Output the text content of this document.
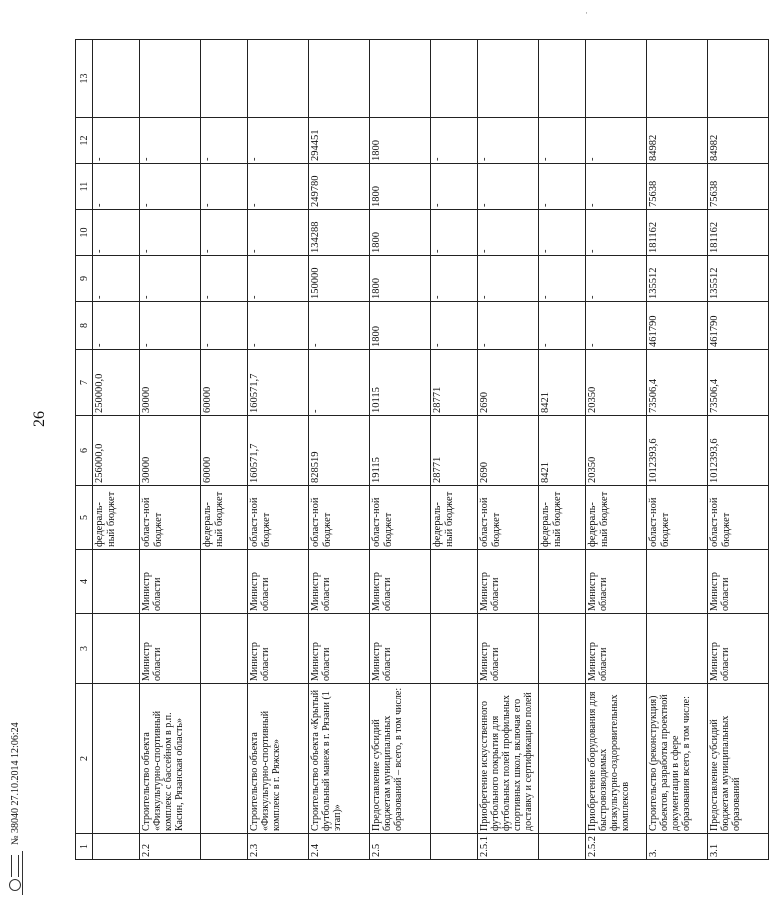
·
26
1	2	3	4	5	6	7	8	9	10	11	12	13
				федераль-ный бюджет	256000,0	250000,0	-	-	-	-	-	
2.2	Строительство объекта «Физкультурно-спортивный комплекс с бассейном в р.п. Касин, Рязанская область»	Министр области	Министр области	област-ной бюджет	30000	30000	-	-	-	-	-	
				федераль-ный бюджет	60000	60000	-	-	-	-	-	
2.3	Строительство объекта «Физкультурно-спортивный комплекс в г. Ряжске»	Министр области	Министр области	област-ной бюджет	160571,7	160571,7	-	-	-	-	-	
2.4	Строительство объекта «Крытый футбольный манеж в г. Рязани (1 этап)»	Министр области	Министр области	област-ной бюджет	828519	-	-	150000	134288	249780	294451	
2.5	Предоставление субсидий бюджетам муниципальных образований – всего, в том числе:	Министр области	Министр области	област-ной бюджет	19115	10115	1800	1800	1800	1800	1800	
				федераль-ный бюджет	28771	28771	-	-	-	-	-	
2.5.1	Приобретение искусственного футбольного покрытия для футбольных полей профильных спортивных школ, включая его доставку и сертификацию полей	Министр области	Министр области	област-ной бюджет	2690	2690	-	-	-	-	-	
				федераль-ный бюджет	8421	8421	-	-	-	-	-	
2.5.2	Приобретение оборудования для быстровозводимых физкультурно-оздоровительных комплексов	Министр области	Министр области	федераль-ный бюджет	20350	20350	-	-	-	-	-	
3.	Строительство (реконструкция) объектов, разработка проектной документации в сфере образования всего, в том числе:			област-ной бюджет	1012393,6	73506,4	461790	135512	181162	75638	84982	
3.1	Предоставление субсидий бюджетам муниципальных образований	Министр области	Министр области	област-ной бюджет	1012393,6	73506,4	461790	135512	181162	75638	84982	
№ 38040 27.10.2014 12:06:24
